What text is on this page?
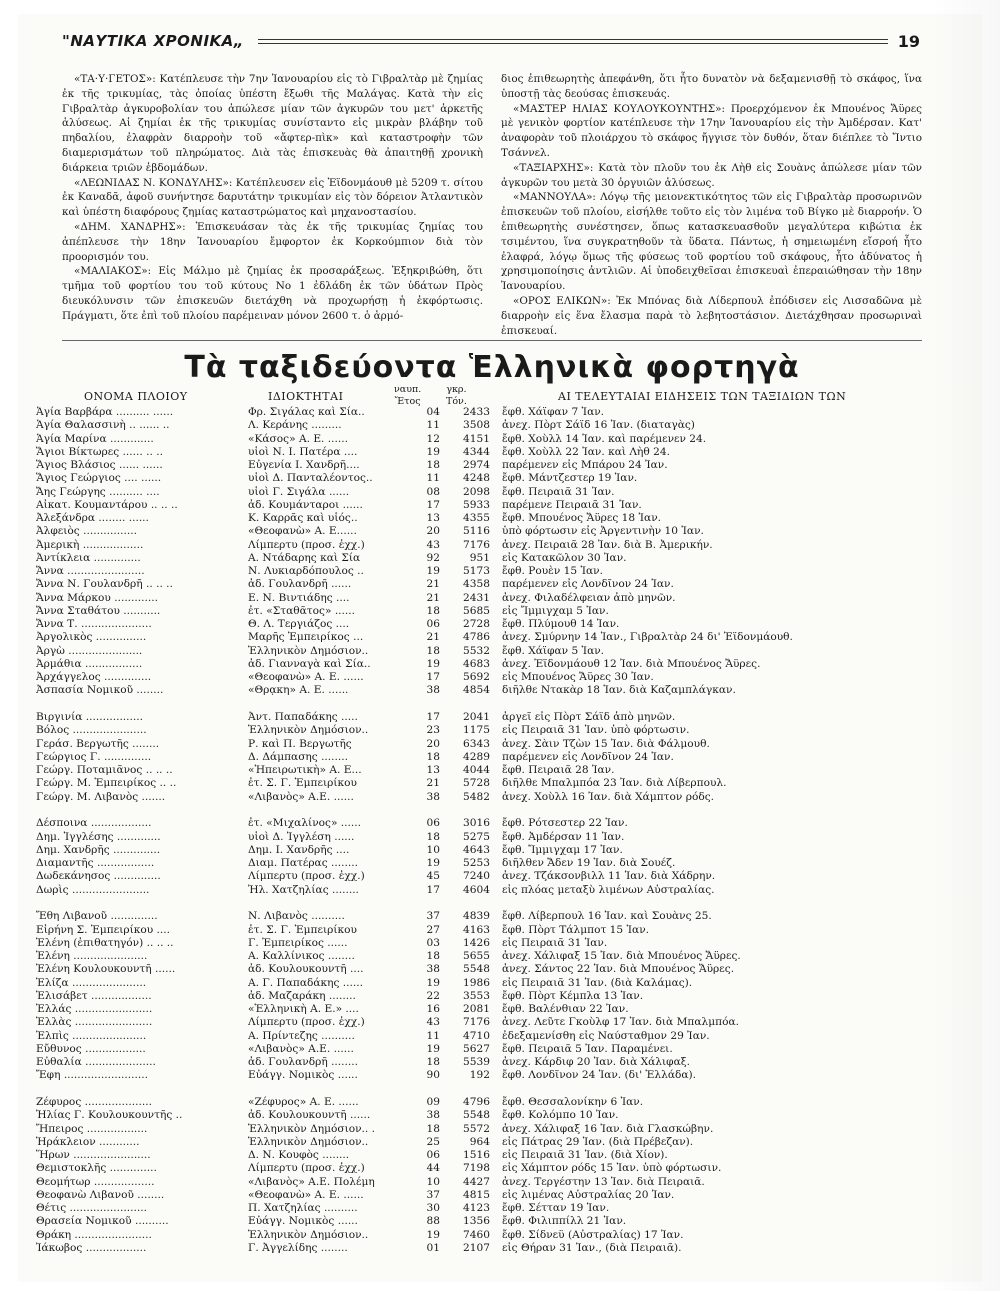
"ΝΑΥΤΙΚΑ ΧΡΟΝΙΚΑ„	19

«ΤΑ·Υ·ΓΕΤΟΣ»: Κατέπλευσε τὴν 7ην Ἰανουαρίου εἰς τὸ Γιβραλτὰρ μὲ ζημίας ἐκ τῆς τρικυμίας, τὰς ὁποίας ὑπέστη ἔξωθι τῆς Μαλάγας. Κατὰ τὴν εἰς Γιβραλτὰρ ἀγκυροβολίαν του ἀπώλεσε μίαν τῶν ἀγκυρῶν του μετ' ἀρκετῆς ἁλύσεως. Αἱ ζημίαι ἐκ τῆς τρικυμίας συνίσταντο εἰς μικρὰν βλάβην τοῦ πηδαλίου, ἐλαφρὰν διαρροὴν τοῦ «ἄφτερ-πὶκ» καὶ καταστροφὴν τῶν διαμερισμάτων τοῦ πληρώματος. Διὰ τὰς ἐπισκευὰς θὰ ἀπαιτηθῇ χρονικὴ διάρκεια τριῶν ἑβδομάδων.

«ΛΕΩΝΙΔΑΣ Ν. ΚΟΝΔΥΛΗΣ»: Κατέπλευσεν εἰς Ἐϊδονμάουθ μὲ 5209 τ. σίτου ἐκ Καναδᾶ, ἀφοῦ συνήντησε δαρυτάτην τρικυμίαν εἰς τὸν δόρειον Ἀτλαντικὸν καὶ ὑπέστη διαφόρους ζημίας καταστρώματος καὶ μηχανοστασίου.

«ΔΗΜ. ΧΑΝΔΡΗΣ»: Ἐπισκευάσαν τὰς ἐκ τῆς τρικυμίας ζημίας του ἀπέπλευσε τὴν 18ην Ἰανουαρίου ἔμφορτον ἐκ Κορκούμπιον διὰ τὸν προορισμόν του.

«ΜΑΛΙΑΚΟΣ»: Εἰς Μάλμο μὲ ζημίας ἐκ προσαράξεως. Ἐξηκριβώθη, ὅτι τμῆμα τοῦ φορτίου του τοῦ κύτους Νο 1 ἐδλάδη ἐκ τῶν ὑδάτων Πρὸς διευκόλυνσιν τῶν ἐπισκευῶν διετάχθη νὰ προχωρήσῃ ἡ ἐκφόρτωσις. Πράγματι, ὅτε ἐπὶ τοῦ πλοίου παρέμειναν μόνον 2600 τ. ὁ ἁρμό-

διος ἐπιθεωρητὴς ἀπεφάνθη, ὅτι ἦτο δυνατὸν νὰ δεξαμενισθῇ τὸ σκάφος, ἵνα ὑποστῇ τὰς δεούσας ἐπισκευάς.

«ΜΑΣΤΕΡ ΗΛΙΑΣ ΚΟΥΛΟΥΚΟΥΝΤΗΣ»: Προερχόμενον ἐκ Μπουένος Ἄϋρες μὲ γενικὸν φορτίον κατέπλευσε τὴν 17ην Ἰανουαρίου εἰς τὴν Ἀμδέρσαν. Κατ' ἀναφορὰν τοῦ πλοιάρχου τὸ σκάφος ἤγγισε τὸν δυθόν, ὅταν διέπλεε τὸ Ἴντιο Τσάννελ.

«ΤΑΞΙΑΡΧΗΣ»: Κατὰ τὸν πλοῦν του ἐκ Λὴθ εἰς Σουὰνς ἀπώλεσε μίαν τῶν ἀγκυρῶν του μετὰ 30 ὀργυιῶν ἁλύσεως.

«ΜΑΝΝΟΥΛΑ»: Λόγῳ τῆς μειονεκτικότητος τῶν εἰς Γιβραλτὰρ προσωρινῶν ἐπισκευῶν τοῦ πλοίου, εἰσήλθε τοῦτο εἰς τὸν λιμένα τοῦ Βίγκο μὲ διαρροήν. Ὁ ἐπιθεωρητὴς συνέστησεν, ὅπως κατασκευασθοῦν μεγαλύτερα κιβώτια ἐκ τσιμέντου, ἵνα συγκρατηθοῦν τὰ ὕδατα. Πάντως, ἡ σημειωμένη εἴσροή ἦτο ἐλαφρά, λόγῳ ὅμως τῆς φύσεως τοῦ φορτίου τοῦ σκάφους, ἦτο ἀδύνατος ἡ χρησιμοποίησις ἀντλιῶν. Αἱ ὑποδειχθεῖσαι ἐπισκευαὶ ἐπεραιώθησαν τὴν 18ην Ἰανουαρίου.

«ΟΡΟΣ ΕΛΙΚΩΝ»: Ἐκ Μπόνας διὰ Λίδερπουλ ἐπόδισεν εἰς Λισσαδῶνα μὲ διαρροὴν εἰς ἕνα ἔλασμα παρὰ τὸ λεβητοστάσιον. Διετάχθησαν προσωριναὶ ἐπισκευαί.

Τὰ ταξιδεύοντα Ἑλληνικὰ φορτηγὰ
ΟΝΟΜΑ ΠΛΟΙΟΥ	ΙΔΙΟΚΤΗΤΑΙ
ναυπ.
Ἔτος
γκρ.
Τόν.	ΑΙ ΤΕΛΕΥΤΑΙΑΙ ΕΙΔΗΣΕΙΣ ΤΩΝ ΤΑΞΙΔΙΩΝ ΤΩΝ
Ἁγία Βαρβάρα .......... ......	Φρ. Σιγάλας καὶ Σία..	04	2433 ἔφθ. Χάϊφαν 7 Ἰαν.
Ἁγία Θαλασσινὴ .. ...... ..	Λ. Κεράνης .........	11	3508 ἀνεχ. Πὸρτ Σάϊδ 16 Ἰαν. (διαταγὰς)
Ἁγία Μαρίνα .............	«Κάσος» Α. Ε. ......	12	4151 ἔφθ. Χοὺλλ 14 Ἰαν. καὶ παρέμενεν 24.
Ἅγιοι Βίκτωρες ...... .. ..	υἱοὶ Ν. Ι. Πατέρα ....	19	4344 ἔφθ. Χοὺλλ 22 Ἰαν. καὶ Λὴθ 24.
Ἅγιος Βλάσιος ...... ......	Εὐγενία Ι. Χανδρῆ....	18	2974 παρέμενεν εἰς Μπάρου 24 Ἰαν.
Ἅγιος Γεώργιος .... ......	υἱοὶ Δ. Πανταλέοντος..	11	4248 ἔφθ. Μάντζεστερ 19 Ἰαν.
Ἄης Γεώργης .......... ....	υἱοὶ Γ. Σιγάλα ......	08	2098 ἔφθ. Πειραιᾶ 31 Ἰαν.
Αἰκατ. Κουμαντάρου .. .. ..	ἀδ. Κουμάνταροι ......	17	5933 παρέμενε Πειραιᾶ 31 Ἰαν.
Ἀλεξάνδρα ........ ......	Κ. Καρρᾶς καὶ υἱός..	13	4355 ἔφθ. Μπουένος Ἄϋρες 18 Ἰαν.
Ἀλφειὸς ................	«Θεοφανὼ» Α. Ε......	20	5116 ὑπὸ φόρτωσιν εἰς Ἀργεντινὴν 10 Ἰαν.
Ἀμερικὴ ..................	Λίμπερτυ (προσ. ἐχχ.)	43	7176 ἀνεχ. Πειραιᾶ 28 Ἰαν. διὰ Β. Ἀμερικήν.
Ἀντίκλεια ..............	Α. Ντάδαρης καὶ Σία	92	951 εἰς Κατακῶλον 30 Ἰαν.
Ἄννα .......................	Ν. Λυκιαρδόπουλος ..	19	5173 ἔφθ. Ρουὲν 15 Ἰαν.
Ἄννα Ν. Γουλανδρῆ .. .. ..	ἀδ. Γουλανδρῆ ......	21	4358 παρέμενεν εἰς Λονδῖνον 24 Ἰαν.
Ἄννα Μάρκου .............	Ε. Ν. Βιντιάδης ....	21	2431 ἀνεχ. Φιλαδέλφειαν ἀπὸ μηνῶν.
Ἄννα Σταθάτου ...........	ἐτ. «Σταθᾶτος» ......	18	5685 εἰς Ἴμμιγχαμ 5 Ἰαν.
Ἄννα Τ. .....................	Θ. Λ. Τεργιάζος ....	06	2728 ἔφθ. Πλύμουθ 14 Ἰαν.
Ἀργολικὸς ...............	Μαρῆς Ἐμπειρίκος ...	21	4786 ἀνεχ. Σμύρνην 14 Ἰαν., Γιβραλτὰρ 24 δι' Ἐϊδονμάουθ.
Ἀργὼ ......................	Ἑλληνικὸν Δημόσιον..	18	5532 ἔφθ. Χάϊφαν 5 Ἰαν.
Ἀρμάθια .................	ἀδ. Γιανναγὰ καὶ Σία..	19	4683 ἀνεχ. Ἐϊδονμάουθ 12 Ἰαν. διὰ Μπουένος Ἄϋρες.
Ἀρχάγγελος ..............	«Θεοφανὼ» Α. Ε. ......	17	5692 εἰς Μπουένος Ἄϋρες 30 Ἰαν.
Ἀσπασία Νομικοῦ ........	«Θρᾳκη» Α. Ε. ......	38	4854 διῆλθε Ντακὰρ 18 Ἰαν. διὰ Καζαμπλάγκαν.
Βιργινία .................	Ἀντ. Παπαδάκης .....	17	2041 ἀργεῖ εἰς Πὸρτ Σάϊδ ἀπὸ μηνῶν.
Βόλος ......................	Ἑλληνικὸν Δημόσιον..	23	1175 εἰς Πειραιᾶ 31 Ἰαν. ὑπὸ φόρτωσιν.
Γεράσ. Βεργωτῆς ........	Ρ. καὶ Π. Βεργωτῆς	20	6343 ἀνεχ. Σὰιν Τζὼν 15 Ἰαν. διὰ Φάλμουθ.
Γεώργιος Γ. ..............	Δ. Δάμπασης ........	18	4289 παρέμενεν εἰς Λονδῖνον 24 Ἰαν.
Γεώργ. Ποταμιᾶνος .. .. ..	«Ἠπειρωτικὴ» Α. Ε...	13	4044 ἔφθ. Πειραιᾶ 28 Ἰαν.
Γεώργ. Μ. Ἐμπειρίκος .. ..	ἐτ. Σ. Γ. Ἐμπειρίκου	21	5728 διῆλθε Μπαλμπόα 23 Ἰαν. διὰ Λίβερπουλ.
Γεώργ. Μ. Λιβανὸς .......	«Λιβανὸς» Α.Ε. ......	38	5482 ἀνεχ. Χοὺλλ 16 Ἰαν. διὰ Χάμπτον ρόδς.
Δέσποινα ..................	ἐτ. «Μιχαλίνος» ......	06	3016 ἔφθ. Ρότσεστερ 22 Ἰαν.
Δημ. Ἰγγλέσης .............	υἱοὶ Δ. Ἰγγλέση ......	18	5275 ἔφθ. Ἀμδέρσαν 11 Ἰαν.
Δημ. Χανδρῆς ..............	Δημ. Ι. Χανδρῆς ....	10	4643 ἔφθ. Ἴμμιγχαμ 17 Ἰαν.
Διαμαντῆς .................	Διαμ. Πατέρας ........	19	5253 διῆλθεν Ἄδεν 19 Ἰαν. διὰ Σουέζ.
Δωδεκάνησος ..............	Λίμπερτυ (προσ. ἐχχ.)	45	7240 ἀνεχ. Τζάκσονβιλλ 11 Ἰαν. διὰ Χάδρην.
Δωρὶς .......................	Ἠλ. Χατζηλίας ........	17	4604 εἰς πλόας μεταξὺ λιμένων Αὐστραλίας.
Ἔθη Λιβανοῦ ..............	Ν. Λιβανὸς ..........	37	4839 ἔφθ. Λίβερπουλ 16 Ἰαν. καὶ Σουὰνς 25.
Εἰρήνη Σ. Ἐμπειρίκου ....	ἐτ. Σ. Γ. Ἐμπειρίκου	27	4163 ἔφθ. Πὸρτ Τάλμποτ 15 Ἰαν.
Ἑλένη (ἐπιθατηγόν) .. .. ..	Γ. Ἐμπειρίκος ......	03	1426 εἰς Πειραιᾶ 31 Ἰαν.
Ἑλένη ......................	Α. Καλλίνικος ........	18	5655 ἀνεχ. Χάλιφαξ 15 Ἰαν. διὰ Μπουένος Ἄϋρες.
Ἑλένη Κουλουκουντῆ ......	ἀδ. Κουλουκουντῆ ....	38	5548 ἀνεχ. Σάντος 22 Ἰαν. διὰ Μπουένος Ἄϋρες.
Ἑλίζα ......................	Α. Γ. Παπαδάκης ......	19	1986 εἰς Πειραιᾶ 31 Ἰαν. (διὰ Καλάμας).
Ἑλισάβετ ..................	ἀδ. Μαζαράκη ........	22	3553 ἔφθ. Πὸρτ Κέμπλα 13 Ἰαν.
Ἑλλάς .......................	«Ἑλληνικὴ Α. Ε.» ....	16	2081 ἔφθ. Βαλένθιαν 22 Ἰαν.
Ἑλλὰς .......................	Λίμπερτυ (προσ. ἐχχ.)	43	7176 ἀνεχ. Λεῦτε Γκοὺλφ 17 Ἰαν. διὰ Μπαλμπόα.
Ἐλπὶς ......................	Α. Πρίντεζης ..........	11	4710 ἐδεξαμενίσθη εἰς Ναύσταθμον 29 Ἰαν.
Εὔθυνος ..................	«Λιβανὸς» Α.Ε. ......	19	5627 ἔφθ. Πειραιᾶ 5 Ἰαν. Παραμένει.
Εὐθαλία .....................	ἀδ. Γουλανδρῆ ........	18	5539 ἀνεχ. Κάρδιφ 20 Ἰαν. διὰ Χάλιφαξ.
Ἔφη .........................	Εὐάγγ. Νομικὸς ......	90	192 ἔφθ. Λονδῖνον 24 Ἰαν. (δι' Ἑλλάδα).
Ζέφυρος ....................	«Ζέφυρος» Α. Ε. ......	09	4796 ἔφθ. Θεσσαλονίκην 6 Ἰαν.
Ἠλίας Γ. Κουλουκουντῆς ..	ἀδ. Κουλουκουντῆ ......	38	5548 ἔφθ. Κολόμπο 10 Ἰαν.
Ἤπειρος ..................	Ἑλληνικὸν Δημόσιον.. .	18	5572 ἀνεχ. Χάλιφαξ 16 Ἰαν. διὰ Γλασκώβην.
Ἡράκλειον ............	Ἑλληνικὸν Δημόσιον..	25	964 εἰς Πάτρας 29 Ἰαν. (διὰ Πρέβεζαν).
Ἥρων .......................	Δ. Ν. Κουφὸς ........	06	1516 εἰς Πειραιᾶ 31 Ἰαν. (διὰ Χίον).
Θεμιστοκλῆς ..............	Λίμπερτυ (προσ. ἐχχ.)	44	7198 εἰς Χάμπτον ρόδς 15 Ἰαν. ὑπὸ φόρτωσιν.
Θεομήτωρ ..................	«Λιβανὸς» Α.Ε. Πολέμη	10	4427 ἀνεχ. Τεργέστην 13 Ἰαν. διὰ Πειραιᾶ.
Θεοφανὼ Λιβανοῦ ........	«Θεοφανὼ» Α. Ε. ......	37	4815 εἰς λιμένας Αὐστραλίας 20 Ἰαν.
Θέτις .......................	Π. Χατζηλίας ..........	30	4123 ἔφθ. Σέτταν 19 Ἰαν.
Θρασεία Νομικοῦ ..........	Εὐάγγ. Νομικὸς ......	88	1356 ἔφθ. Φιλιππίλλ 21 Ἰαν.
Θράκη .......................	Ἑλληνικὸν Δημόσιον..	19	7460 ἔφθ. Σίδνεϋ (Αὐστραλίας) 17 Ἰαν.
Ἰάκωβος ..................	Γ. Ἀγγελίδης ........	01	2107 εἰς Θήραν 31 Ἰαν., (διὰ Πειραιᾶ).
